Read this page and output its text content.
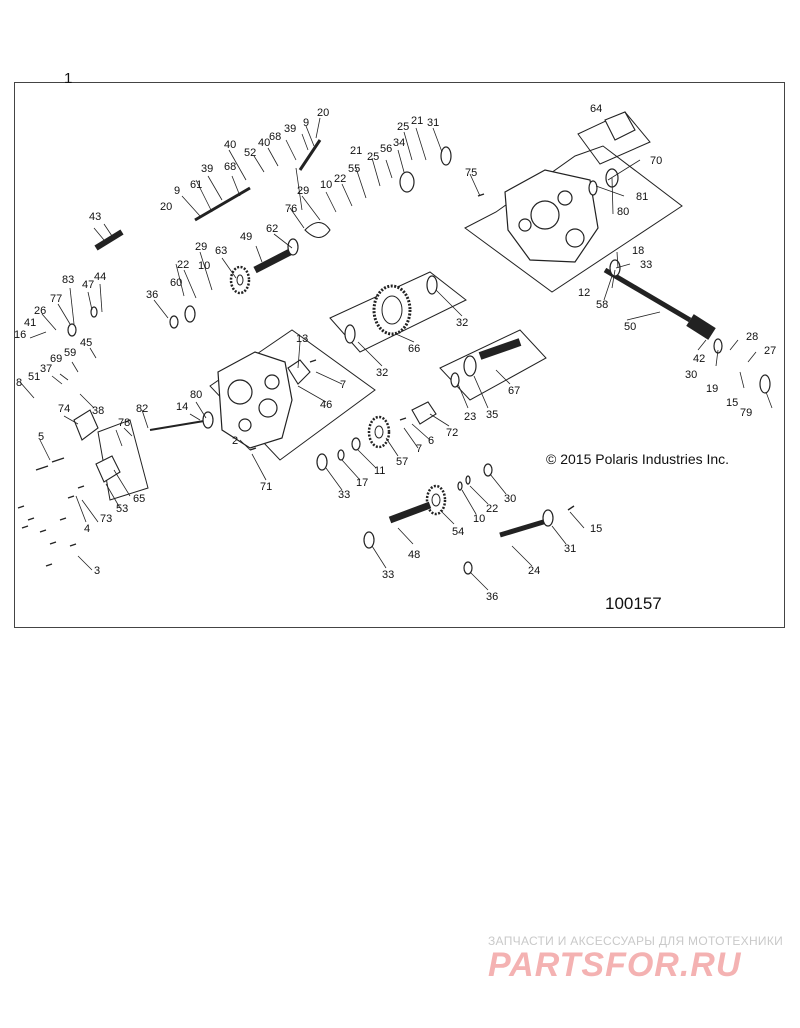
1
20
9
39
68
40
52
40
25 21 31
34
25
56
21
55
22
10
29
76
62
49
63
29
22 10
60
36
39 68
61
9
20
43
83 47
44
77
26
41
16
45
59
37
69
51
8
38
74
78
82
5
73
53
65
4
3
64
70
75
81
80
18
33
12
58
50
28
27
42
30
19
15
79
32
66
32
67
13
7
46
14
80
2
71
23 35
72
6
7
57
11
17
33	30
22
10
54
48
15
31
24
33
36
© 2015 Polaris Industries Inc.
100157
ЗАПЧАСТИ И АКСЕССУАРЫ ДЛЯ МОТОТЕХНИКИ
PARTSFOR.RU
